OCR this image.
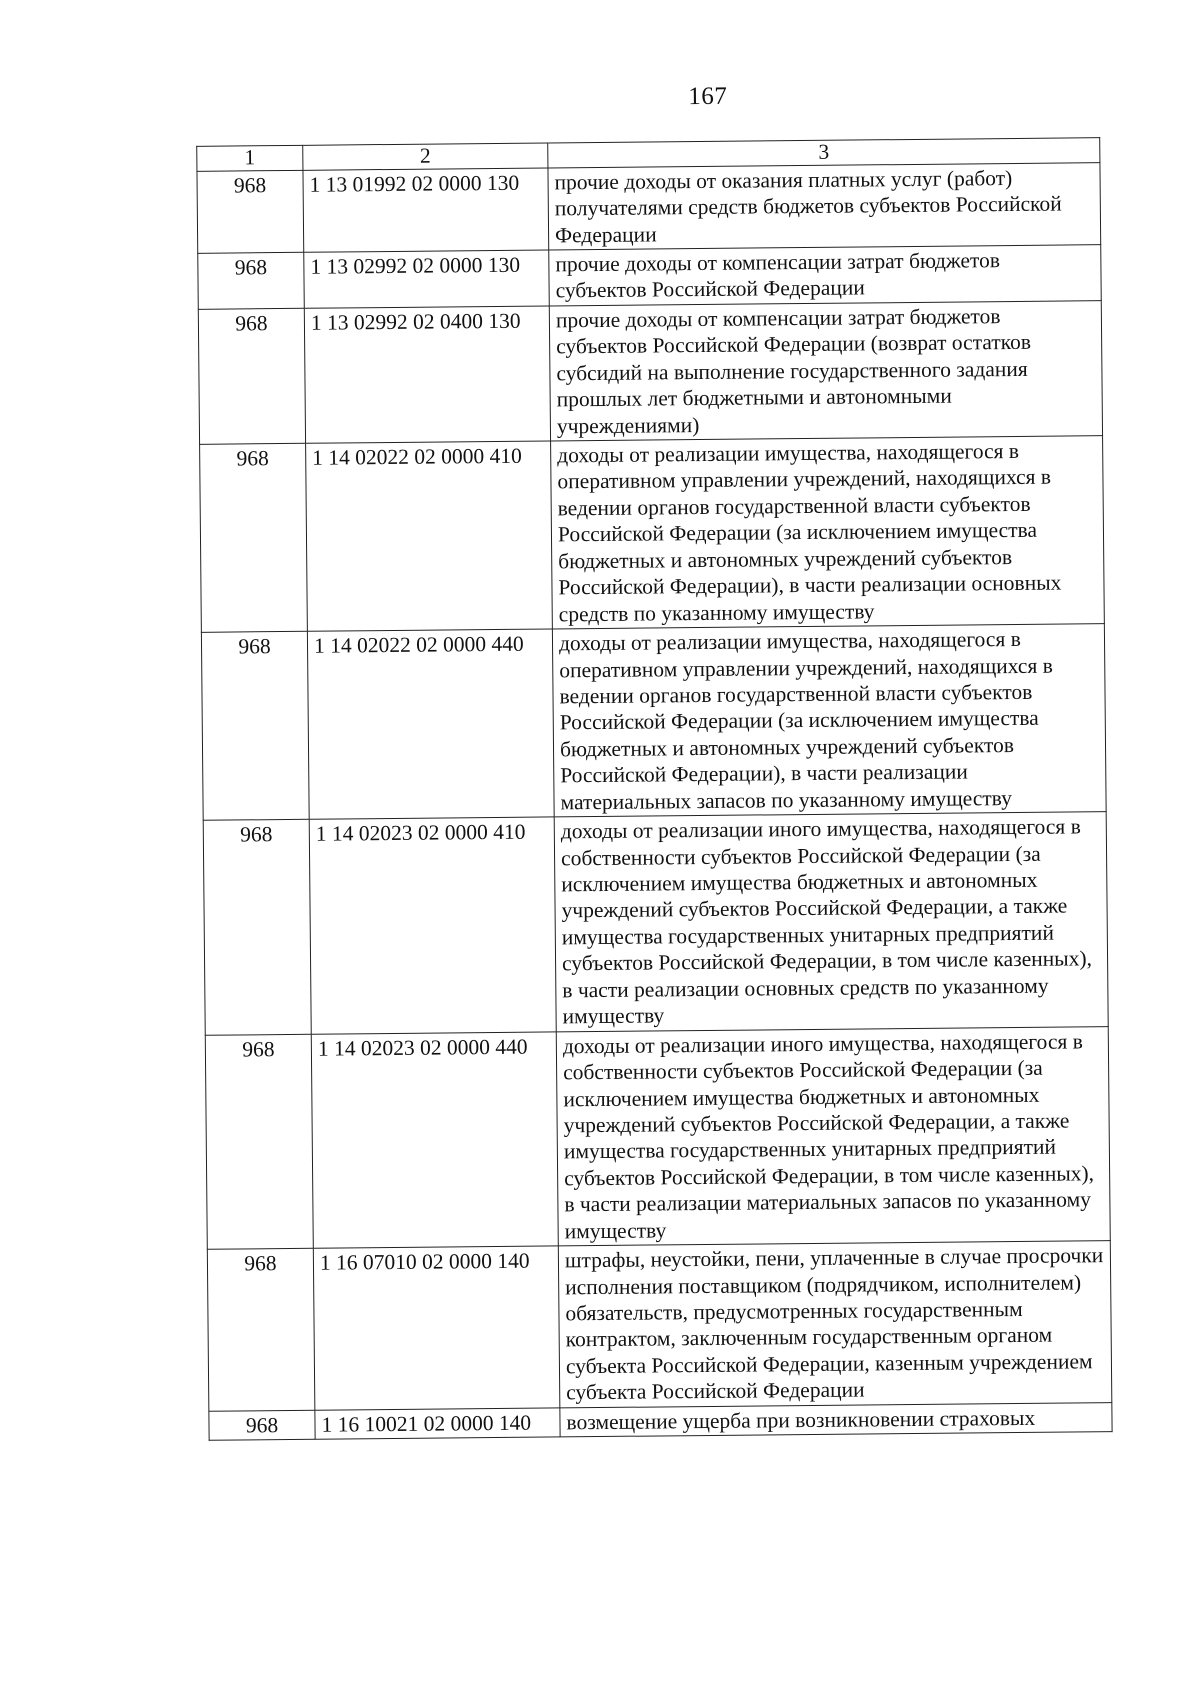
167
1	2	3
968	1 13 01992 02 0000 130	прочие доходы от оказания платных услуг (работ) получателями средств бюджетов субъектов Российской Федерации
968	1 13 02992 02 0000 130	прочие доходы от компенсации затрат бюджетов субъектов Российской Федерации
968	1 13 02992 02 0400 130	прочие доходы от компенсации затрат бюджетов субъектов Российской Федерации (возврат остатков субсидий на выполнение государственного задания прошлых лет бюджетными и автономными учреждениями)
968	1 14 02022 02 0000 410	доходы от реализации имущества, находящегося в оперативном управлении учреждений, находящихся в ведении органов государственной власти субъектов Российской Федерации (за исключением имущества бюджетных и автономных учреждений субъектов Российской Федерации), в части реализации основных средств по указанному имуществу
968	1 14 02022 02 0000 440	доходы от реализации имущества, находящегося в оперативном управлении учреждений, находящихся в ведении органов государственной власти субъектов Российской Федерации (за исключением имущества бюджетных и автономных учреждений субъектов Российской Федерации), в части реализации материальных запасов по указанному имуществу
968	1 14 02023 02 0000 410	доходы от реализации иного имущества, находящегося в собственности субъектов Российской Федерации (за исключением имущества бюджетных и автономных учреждений субъектов Российской Федерации, а также имущества государственных унитарных предприятий субъектов Российской Федерации, в том числе казенных), в части реализации основных средств по указанному имуществу
968	1 14 02023 02 0000 440	доходы от реализации иного имущества, находящегося в собственности субъектов Российской Федерации (за исключением имущества бюджетных и автономных учреждений субъектов Российской Федерации, а также имущества государственных унитарных предприятий субъектов Российской Федерации, в том числе казенных), в части реализации материальных запасов по указанному имуществу
968	1 16 07010 02 0000 140	штрафы, неустойки, пени, уплаченные в случае просрочки исполнения поставщиком (подрядчиком, исполнителем) обязательств, предусмотренных государственным контрактом, заключенным государственным органом субъекта Российской Федерации, казенным учреждением субъекта Российской Федерации
968	1 16 10021 02 0000 140	возмещение ущерба при возникновении страховых
